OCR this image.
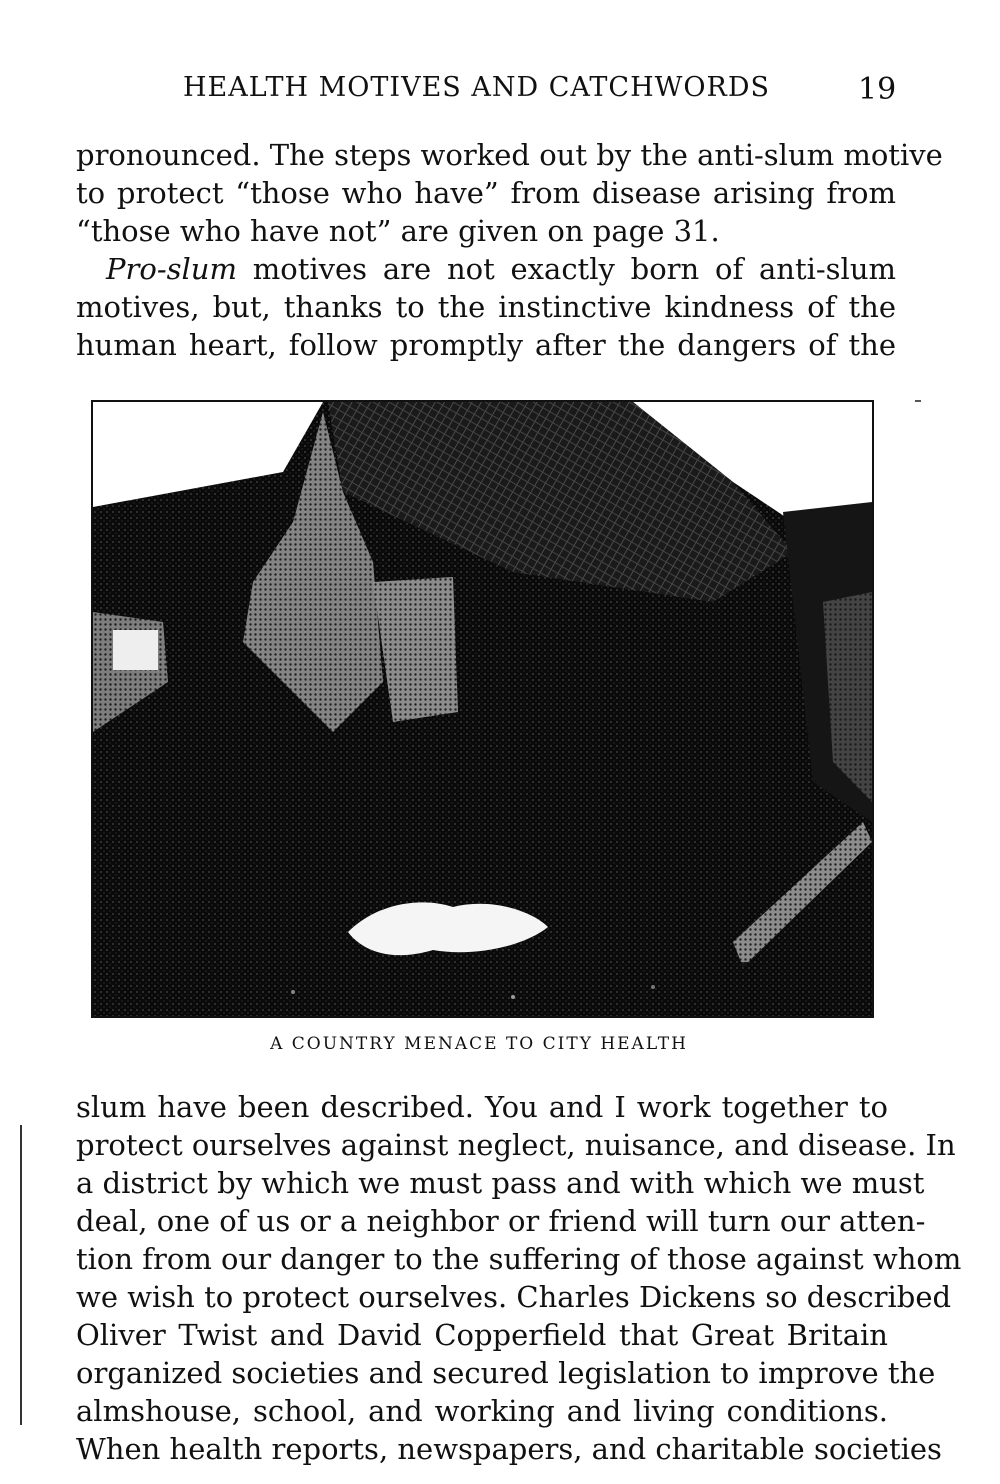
HEALTH MOTIVES AND CATCHWORDS	19
pronounced. The steps worked out by the anti-slum motive
to protect “those who have” from disease arising from
“those who have not” are given on page 31.
Pro-slum motives are not exactly born of anti-slum
motives, but, thanks to the instinctive kindness of the
human heart, follow promptly after the dangers of the
A COUNTRY MENACE TO CITY HEALTH
slum have been described. You and I work together to
protect ourselves against neglect, nuisance, and disease. In
a district by which we must pass and with which we must
deal, one of us or a neighbor or friend will turn our atten-
tion from our danger to the suffering of those against whom
we wish to protect ourselves. Charles Dickens so described
Oliver Twist and David Copperfield that Great Britain
organized societies and secured legislation to improve the
almshouse, school, and working and living conditions.
When health reports, newspapers, and charitable societies
